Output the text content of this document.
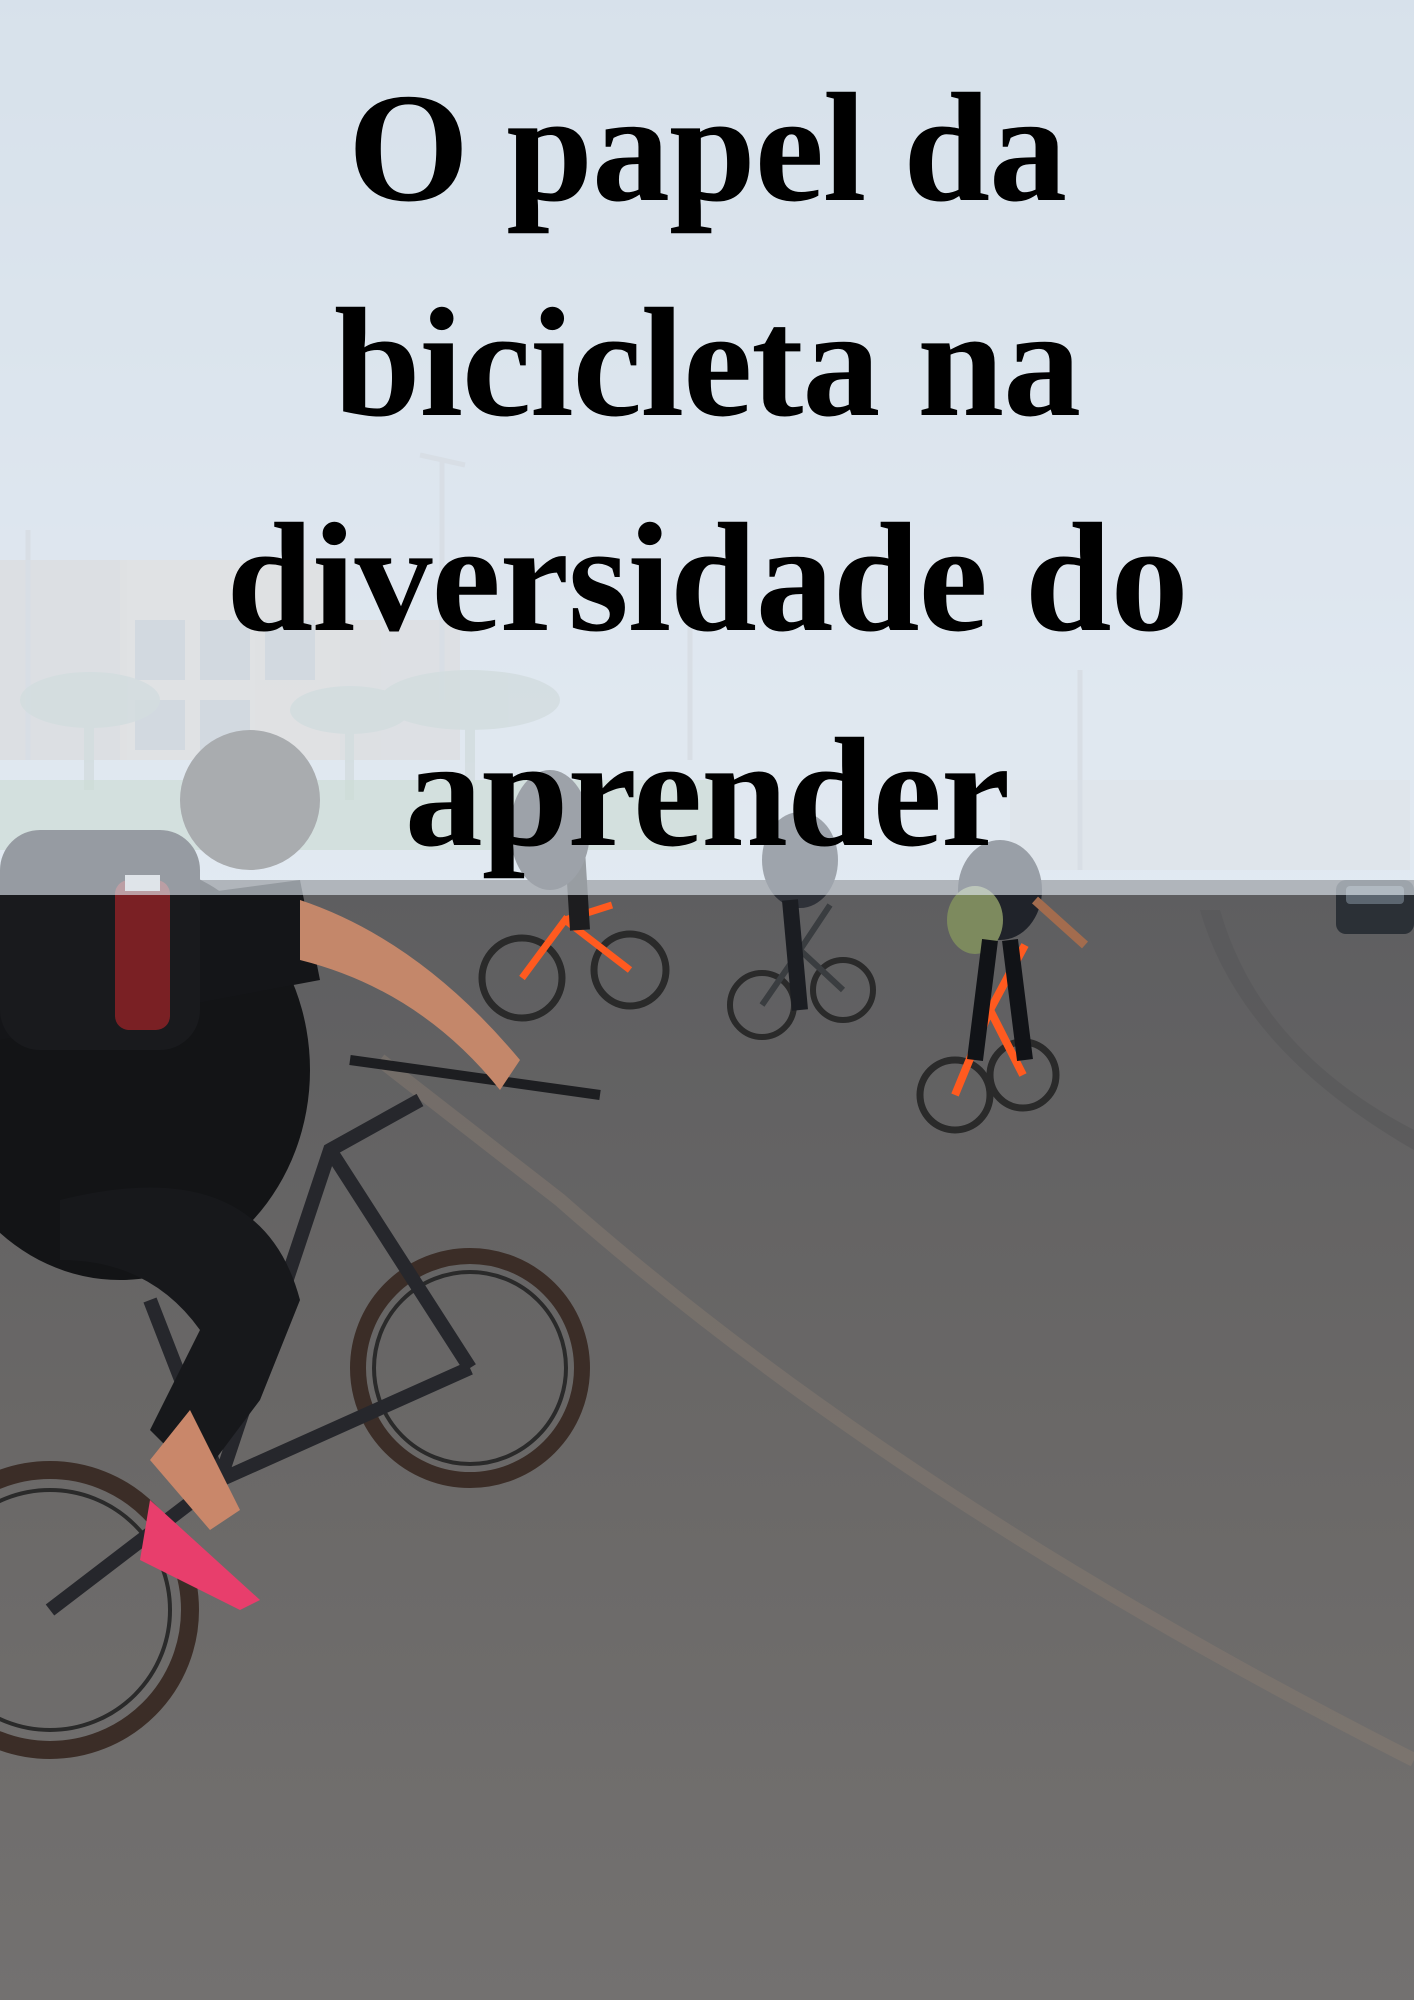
O papel da
bicicleta na
diversidade do
aprender
